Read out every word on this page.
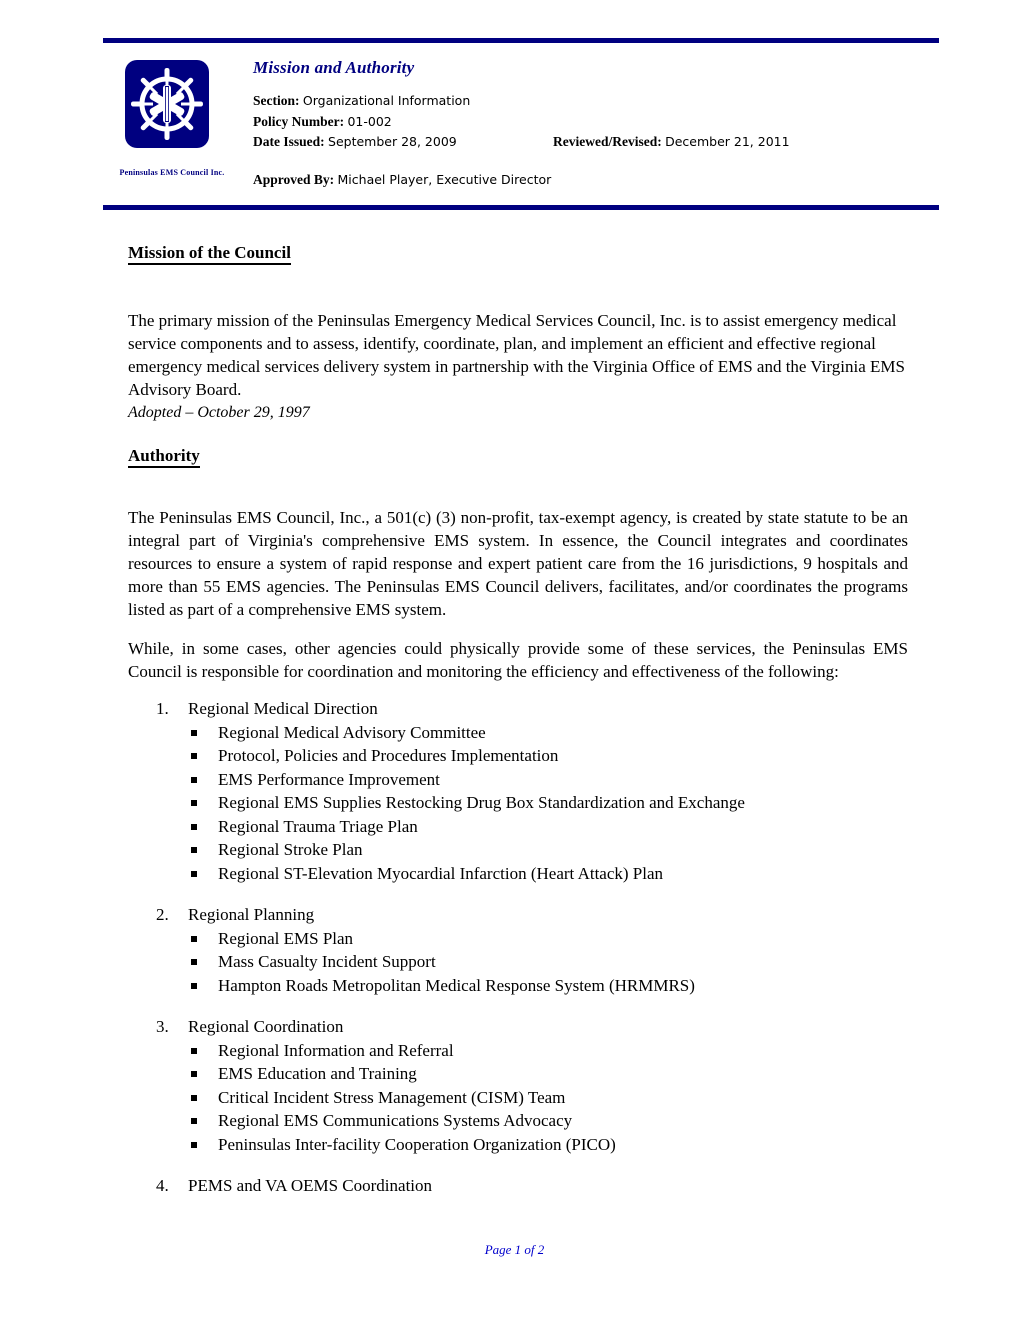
Peninsulas EMS Council Inc.
Mission and Authority
Section: Organizational Information
Policy Number: 01-002
Date Issued: September 28, 2009	Reviewed/Revised: December 21, 2011
Approved By: Michael Player, Executive Director
Mission of the Council

The primary mission of the Peninsulas Emergency Medical Services Council, Inc. is to assist emergency medical service components and to assess, identify, coordinate, plan, and implement an efficient and effective regional emergency medical services delivery system in partnership with the Virginia Office of EMS and the Virginia EMS Advisory Board.

Adopted – October 29, 1997

Authority

The Peninsulas EMS Council, Inc., a 501(c) (3) non-profit, tax-exempt agency, is created by state statute to be an integral part of Virginia's comprehensive EMS system. In essence, the Council integrates and coordinates resources to ensure a system of rapid response and expert patient care from the 16 jurisdictions, 9 hospitals and more than 55 EMS agencies. The Peninsulas EMS Council delivers, facilitates, and/or coordinates the programs listed as part of a comprehensive EMS system.

While, in some cases, other agencies could physically provide some of these services, the Peninsulas EMS Council is responsible for coordination and monitoring the efficiency and effectiveness of the following:

1.	Regional Medical Direction
Regional Medical Advisory Committee
Protocol, Policies and Procedures Implementation
EMS Performance Improvement
Regional EMS Supplies Restocking Drug Box Standardization and Exchange
Regional Trauma Triage Plan
Regional Stroke Plan
Regional ST-Elevation Myocardial Infarction (Heart Attack) Plan
2.	Regional Planning
Regional EMS Plan
Mass Casualty Incident Support
Hampton Roads Metropolitan Medical Response System (HRMMRS)
3.	Regional Coordination
Regional Information and Referral
EMS Education and Training
Critical Incident Stress Management (CISM) Team
Regional EMS Communications Systems Advocacy
Peninsulas Inter-facility Cooperation Organization (PICO)
4.	PEMS and VA OEMS Coordination
Page 1 of 2
